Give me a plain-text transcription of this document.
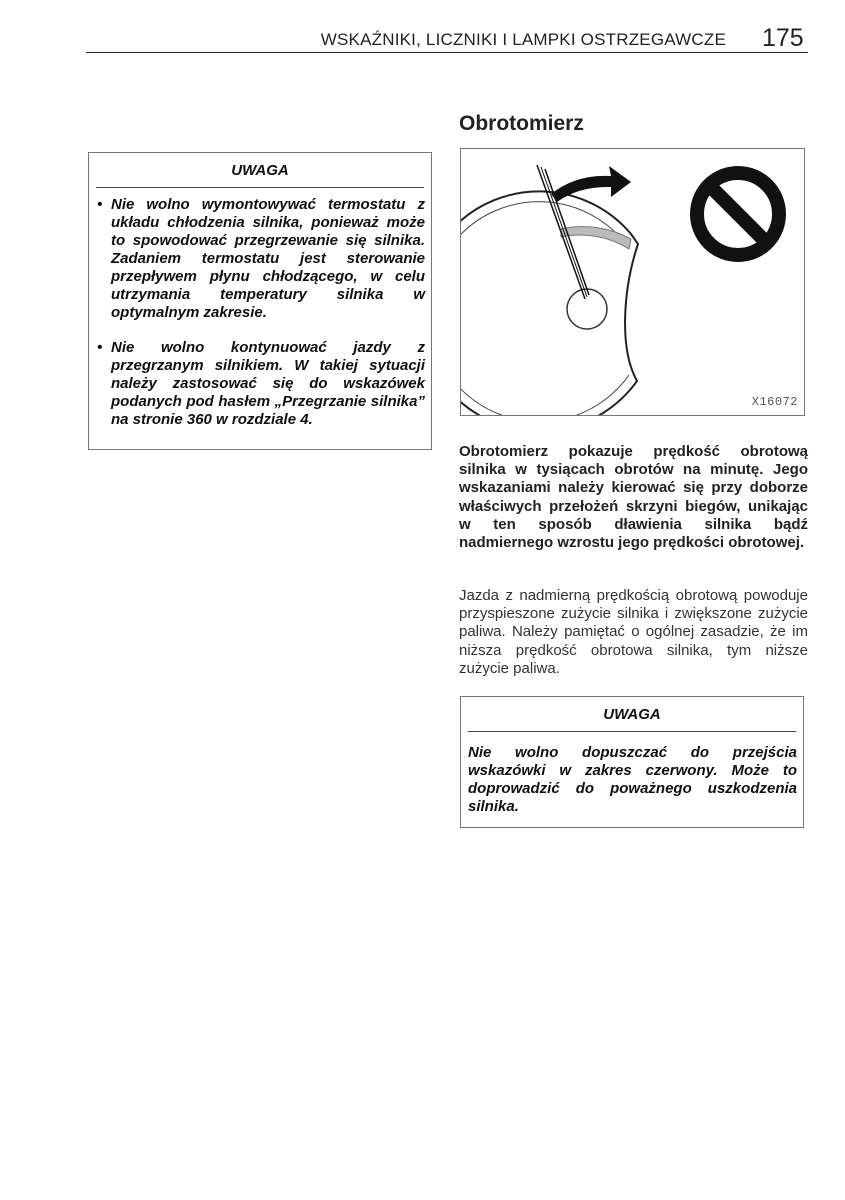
WSKAŹNIKI, LICZNIKI I LAMPKI OSTRZEGAWCZE 175
UWAGA
• Nie wolno wymontowywać termostatu z układu chłodzenia silnika, ponieważ może to spowodować przegrzewanie się silnika. Zadaniem termostatu jest sterowanie przepływem płynu chłodzącego, w celu utrzymania temperatury silnika w optymalnym zakresie.
• Nie wolno kontynuować jazdy z przegrzanym silnikiem. W takiej sytuacji należy zastosować się do wskazówek podanych pod hasłem „Przegrzanie silnika” na stronie 360 w rozdziale 4.
Obrotomierz
X16072
Obrotomierz pokazuje prędkość obrotową silnika w tysiącach obrotów na minutę. Jego wskazaniami należy kierować się przy doborze właściwych przełożeń skrzyni biegów, unikając w ten sposób dławienia silnika bądź nadmiernego wzrostu jego prędkości obrotowej.
Jazda z nadmierną prędkością obrotową powoduje przyspieszone zużycie silnika i zwiększone zużycie paliwa. Należy pamiętać o ogólnej zasadzie, że im niższa prędkość obrotowa silnika, tym niższe zużycie paliwa.
UWAGA
Nie wolno dopuszczać do przejścia wskazówki w zakres czerwony. Może to doprowadzić do poważnego uszkodzenia silnika.
